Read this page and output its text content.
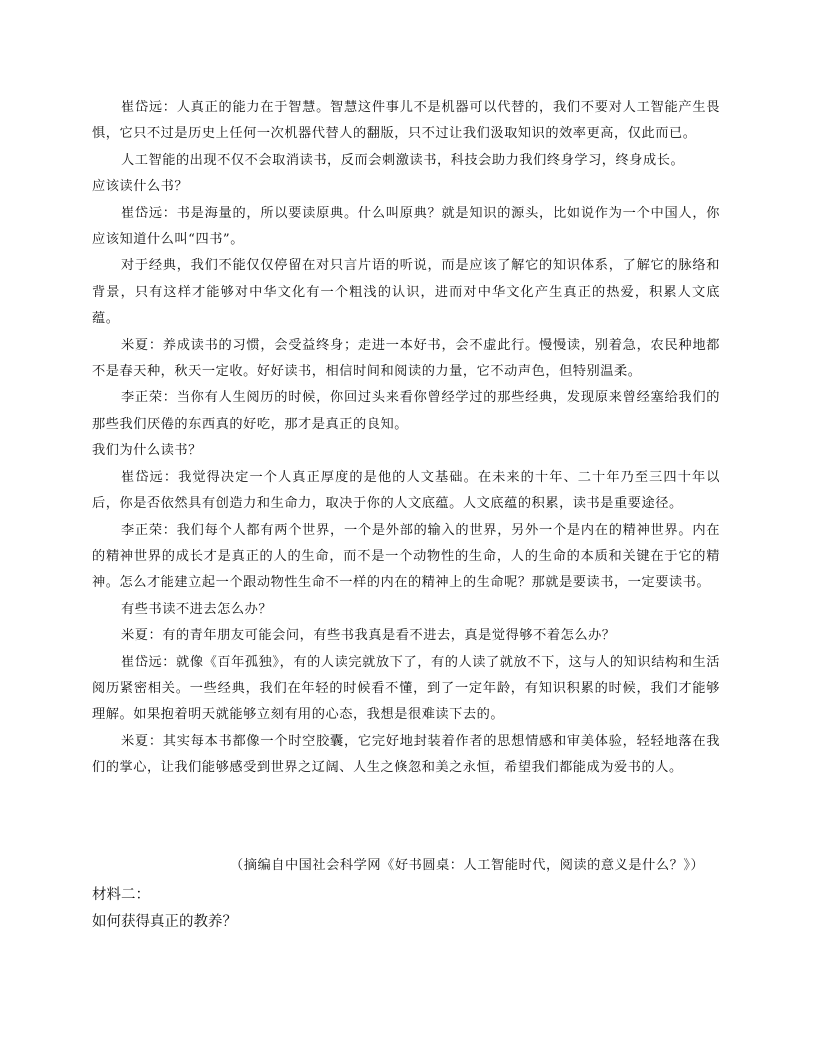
崔岱远：人真正的能力在于智慧。智慧这件事儿不是机器可以代替的，我们不要对人工智能产生畏惧，它只不过是历史上任何一次机器代替人的翻版，只不过让我们汲取知识的效率更高，仅此而已。

人工智能的出现不仅不会取消读书，反而会刺激读书，科技会助力我们终身学习，终身成长。

应该读什么书？

崔岱远：书是海量的，所以要读原典。什么叫原典？就是知识的源头，比如说作为一个中国人，你应该知道什么叫“四书”。

对于经典，我们不能仅仅停留在对只言片语的听说，而是应该了解它的知识体系，了解它的脉络和背景，只有这样才能够对中华文化有一个粗浅的认识，进而对中华文化产生真正的热爱，积累人文底蕴。

米夏：养成读书的习惯，会受益终身；走进一本好书，会不虚此行。慢慢读，别着急，农民种地都不是春天种，秋天一定收。好好读书，相信时间和阅读的力量，它不动声色，但特别温柔。

李正荣：当你有人生阅历的时候，你回过头来看你曾经学过的那些经典，发现原来曾经塞给我们的那些我们厌倦的东西真的好吃，那才是真正的良知。

我们为什么读书？

崔岱远：我觉得决定一个人真正厚度的是他的人文基础。在未来的十年、二十年乃至三四十年以后，你是否依然具有创造力和生命力，取决于你的人文底蕴。人文底蕴的积累，读书是重要途径。

李正荣：我们每个人都有两个世界，一个是外部的输入的世界，另外一个是内在的精神世界。内在的精神世界的成长才是真正的人的生命，而不是一个动物性的生命，人的生命的本质和关键在于它的精神。怎么才能建立起一个跟动物性生命不一样的内在的精神上的生命呢？那就是要读书，一定要读书。

有些书读不进去怎么办？

米夏：有的青年朋友可能会问，有些书我真是看不进去，真是觉得够不着怎么办？

崔岱远：就像《百年孤独》，有的人读完就放下了，有的人读了就放不下，这与人的知识结构和生活阅历紧密相关。一些经典，我们在年轻的时候看不懂，到了一定年龄，有知识积累的时候，我们才能够理解。如果抱着明天就能够立刻有用的心态，我想是很难读下去的。

米夏：其实每本书都像一个时空胶囊，它完好地封装着作者的思想情感和审美体验，轻轻地落在我们的掌心，让我们能够感受到世界之辽阔、人生之倏忽和美之永恒，希望我们都能成为爱书的人。

（摘编自中国社会科学网《好书圆桌：人工智能时代，阅读的意义是什么？》）

材料二：

如何获得真正的教养？
